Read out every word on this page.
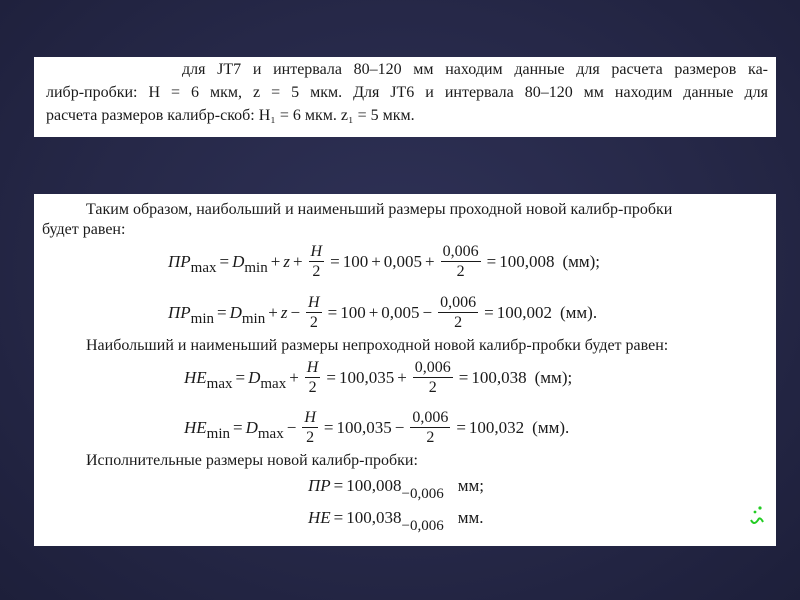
для JT7 и интервала 80–120 мм находим данные для расчета размеров ка-
либр-пробки: H = 6 мкм, z = 5 мкм. Для JT6 и интервала 80–120 мм находим данные для
расчета размеров калибр-скоб: H₁ = 6 мкм. z₁ = 5 мкм.
Таким образом, наибольший и наименьший размеры проходной новой калибр-пробки
будет равен:
ПР max = D $\min + z + \frac{H}{2} = 100 + 0,005 + \frac{0,006}{2} = 100,008$ (мм);
ПР min = D $\min + z - \frac{H}{2} = 100 + 0,005 - \frac{0,006}{2} = 100,002$ (мм).
Наибольший и наименьший размеры непроходной новой калибр-пробки будет равен:
НЕ max = D $\max + \frac{H}{2} = 100,035 + \frac{0,006}{2} = 100,038$ (мм);
НЕ min = D $\max - \frac{H}{2} = 100,035 - \frac{0,006}{2} = 100,032$ (мм).
Исполнительные размеры новой калибр-пробки:
ПР = 100,008 −0,006 мм;
НЕ = 100,038 −0,006 мм.
